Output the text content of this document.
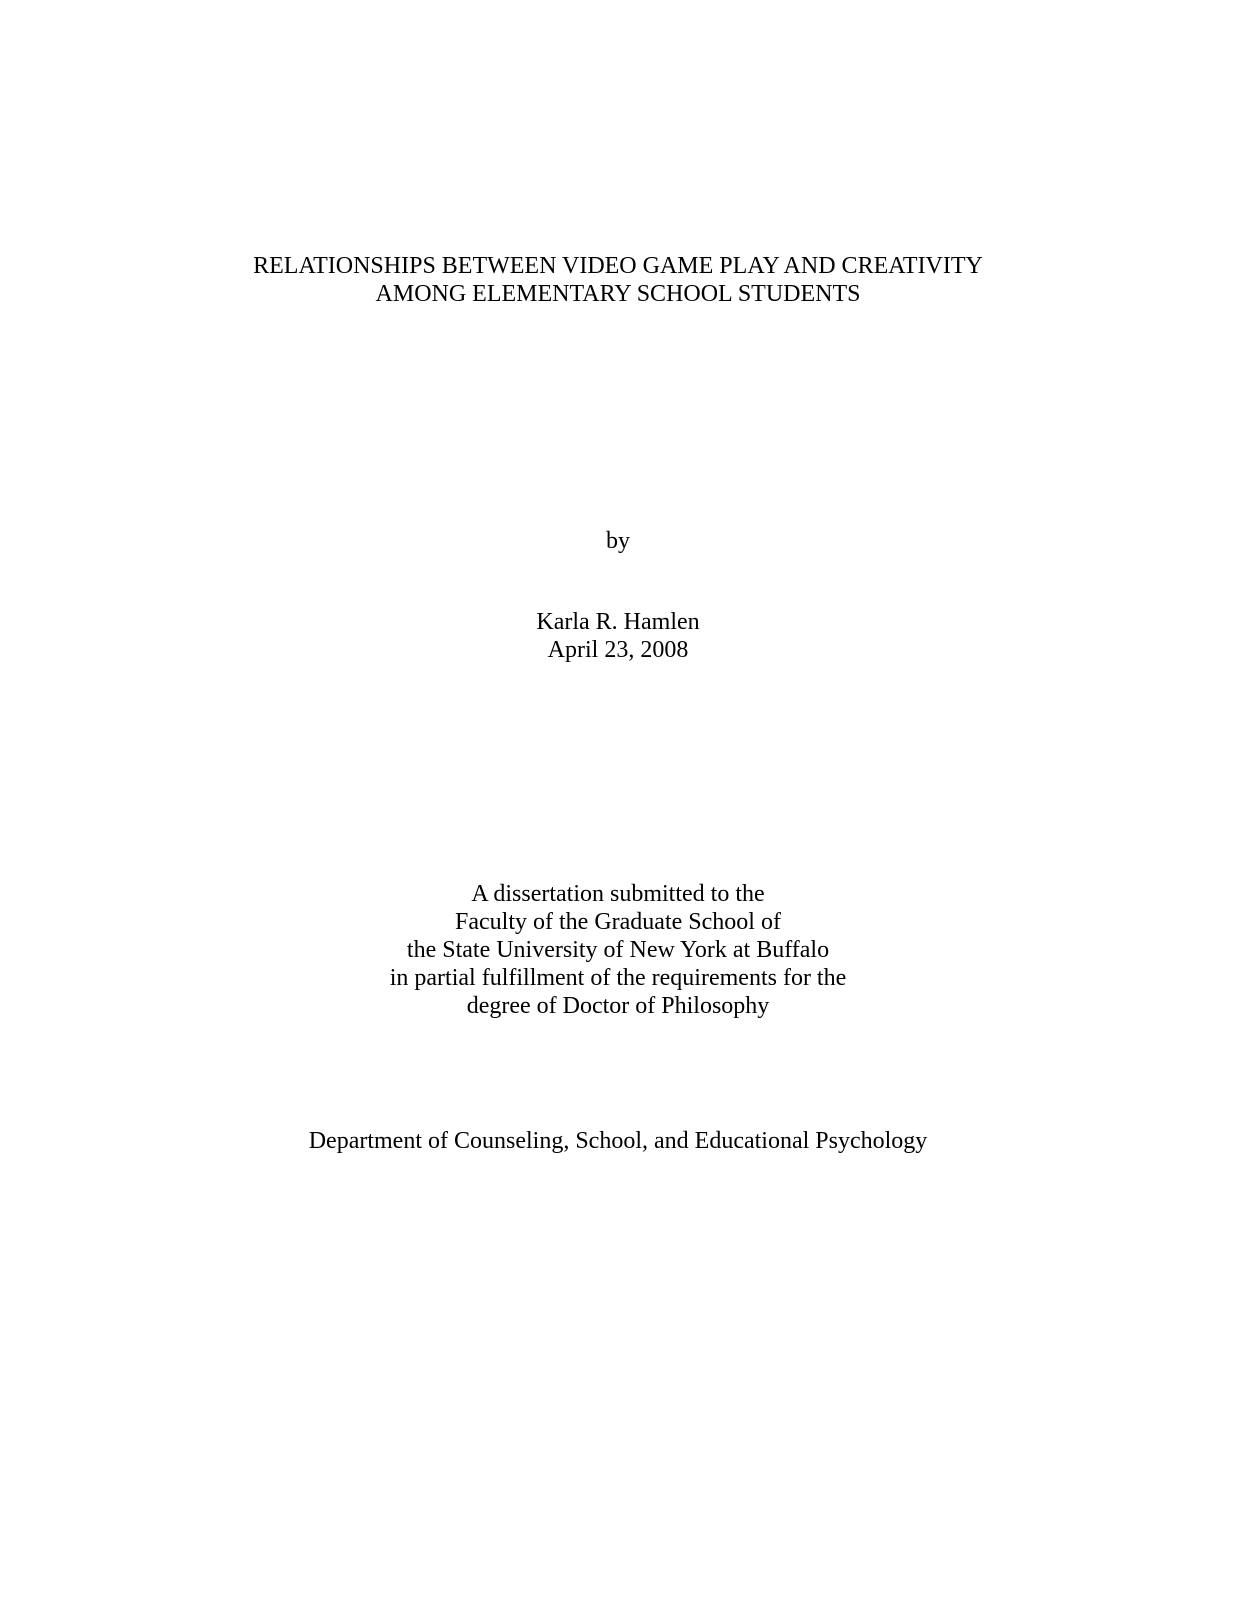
RELATIONSHIPS BETWEEN VIDEO GAME PLAY AND CREATIVITY
AMONG ELEMENTARY SCHOOL STUDENTS
by
Karla R. Hamlen
April 23, 2008
A dissertation submitted to the
Faculty of the Graduate School of
the State University of New York at Buffalo
in partial fulfillment of the requirements for the
degree of Doctor of Philosophy
Department of Counseling, School, and Educational Psychology
